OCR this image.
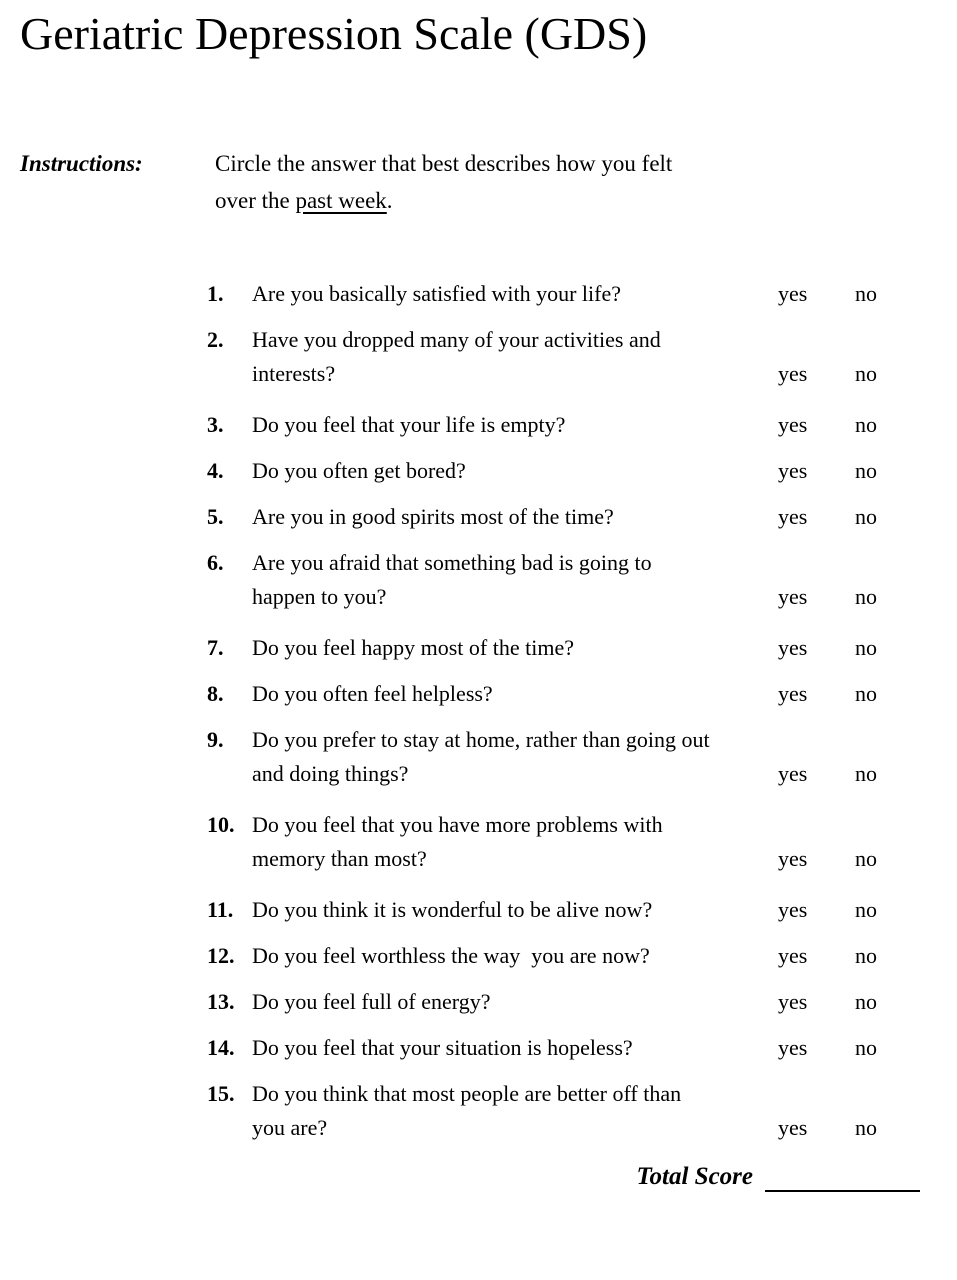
Geriatric Depression Scale (GDS)
Instructions:	Circle the answer that best describes how you felt
over the past week.
1.	Are you basically satisfied with your life?	yes	no
2.	Have you dropped many of your activities and
interests?	yes	no
3.	Do you feel that your life is empty?	yes	no
4.	Do you often get bored?	yes	no
5.	Are you in good spirits most of the time?	yes	no
6.	Are you afraid that something bad is going to
happen to you?	yes	no
7.	Do you feel happy most of the time?	yes	no
8.	Do you often feel helpless?	yes	no
9.	Do you prefer to stay at home, rather than going out
and doing things?	yes	no
10. Do you feel that you have more problems with
memory than most?	yes	no
11. Do you think it is wonderful to be alive now?	yes	no
12. Do you feel worthless the way  you are now?	yes	no
13. Do you feel full of energy?	yes	no
14. Do you feel that your situation is hopeless?	yes	no
15. Do you think that most people are better off than
you are?	yes	no
Total Score
